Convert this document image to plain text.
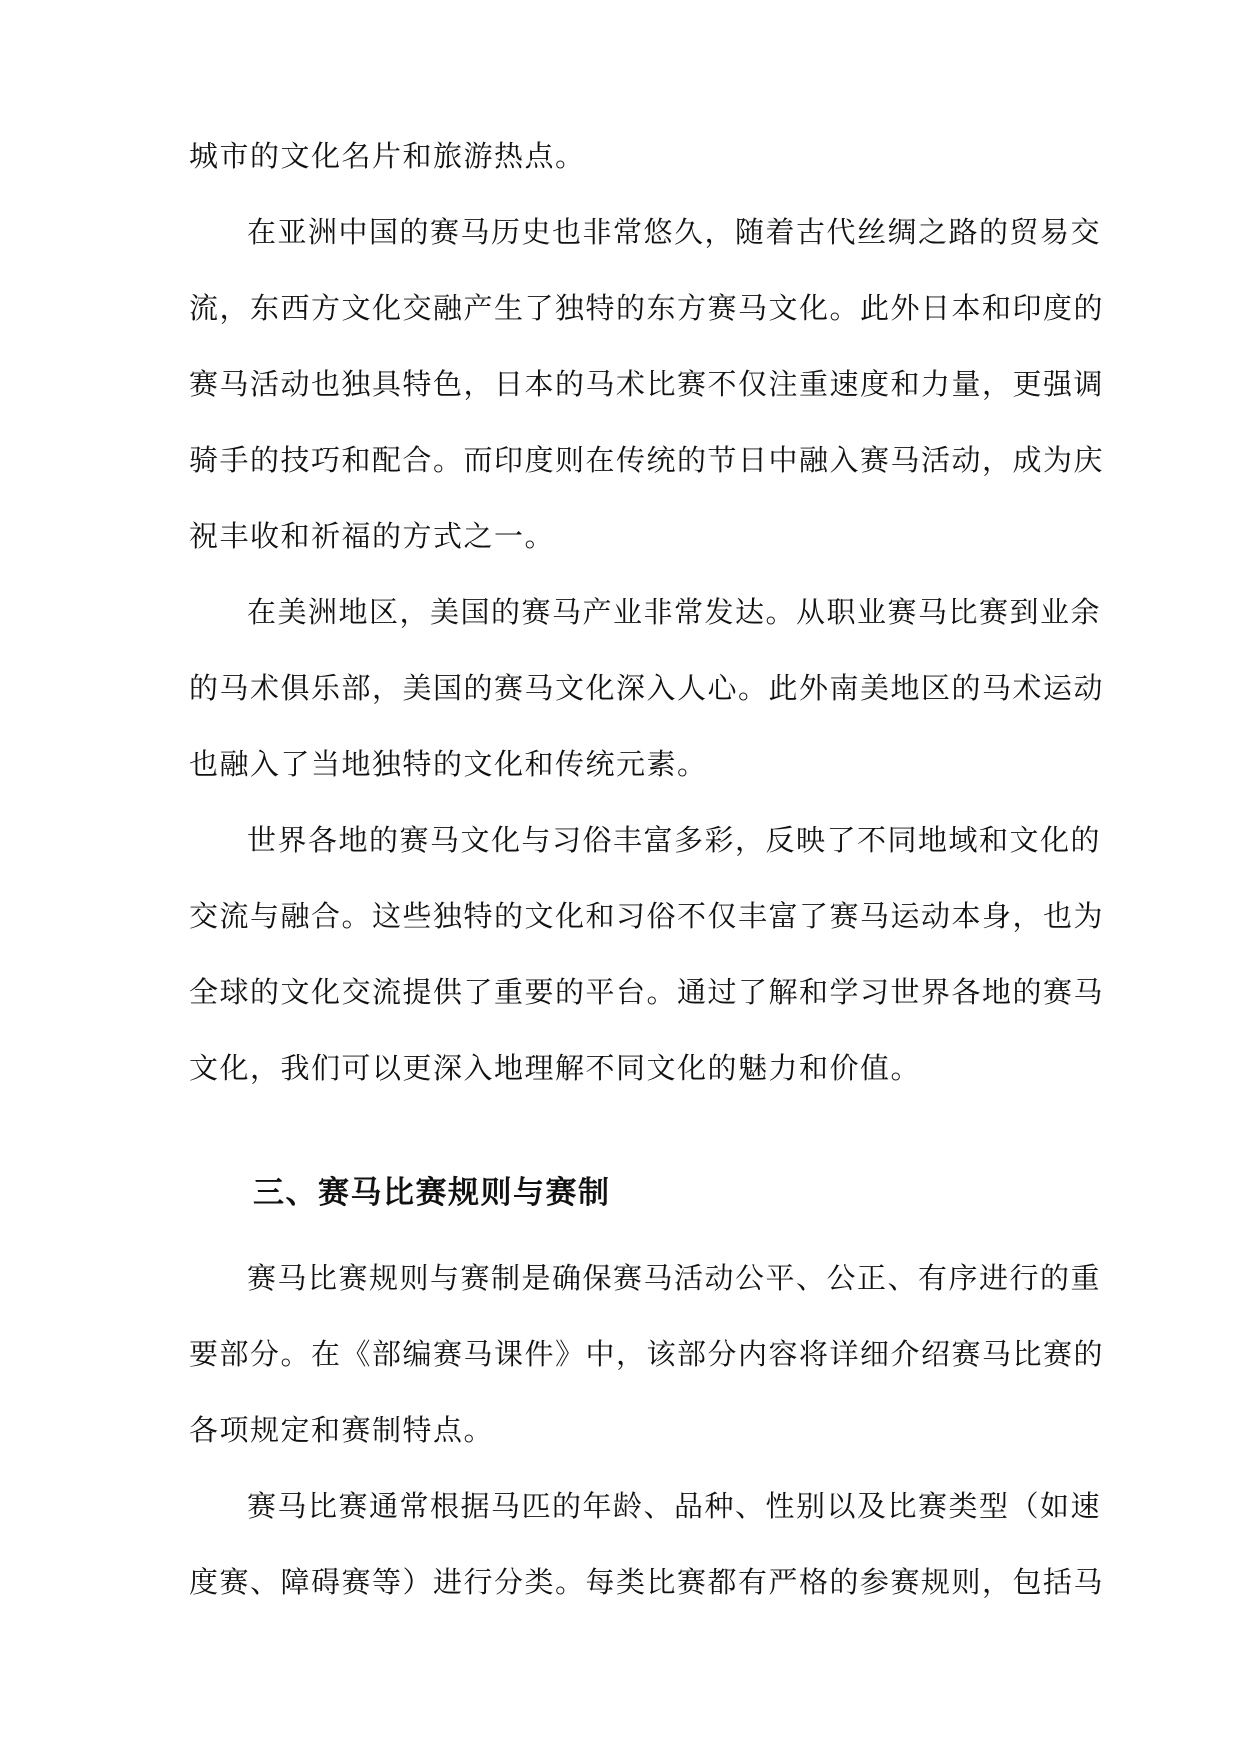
城市的文化名片和旅游热点。
在亚洲中国的赛马历史也非常悠久，随着古代丝绸之路的贸易交
流，东西方文化交融产生了独特的东方赛马文化。此外日本和印度的
赛马活动也独具特色，日本的马术比赛不仅注重速度和力量，更强调
骑手的技巧和配合。而印度则在传统的节日中融入赛马活动，成为庆
祝丰收和祈福的方式之一。
在美洲地区，美国的赛马产业非常发达。从职业赛马比赛到业余
的马术俱乐部，美国的赛马文化深入人心。此外南美地区的马术运动
也融入了当地独特的文化和传统元素。
世界各地的赛马文化与习俗丰富多彩，反映了不同地域和文化的
交流与融合。这些独特的文化和习俗不仅丰富了赛马运动本身，也为
全球的文化交流提供了重要的平台。通过了解和学习世界各地的赛马
文化，我们可以更深入地理解不同文化的魅力和价值。
三、赛马比赛规则与赛制
赛马比赛规则与赛制是确保赛马活动公平、公正、有序进行的重
要部分。在《部编赛马课件》中，该部分内容将详细介绍赛马比赛的
各项规定和赛制特点。
赛马比赛通常根据马匹的年龄、品种、性别以及比赛类型（如速
度赛、障碍赛等）进行分类。每类比赛都有严格的参赛规则，包括马
